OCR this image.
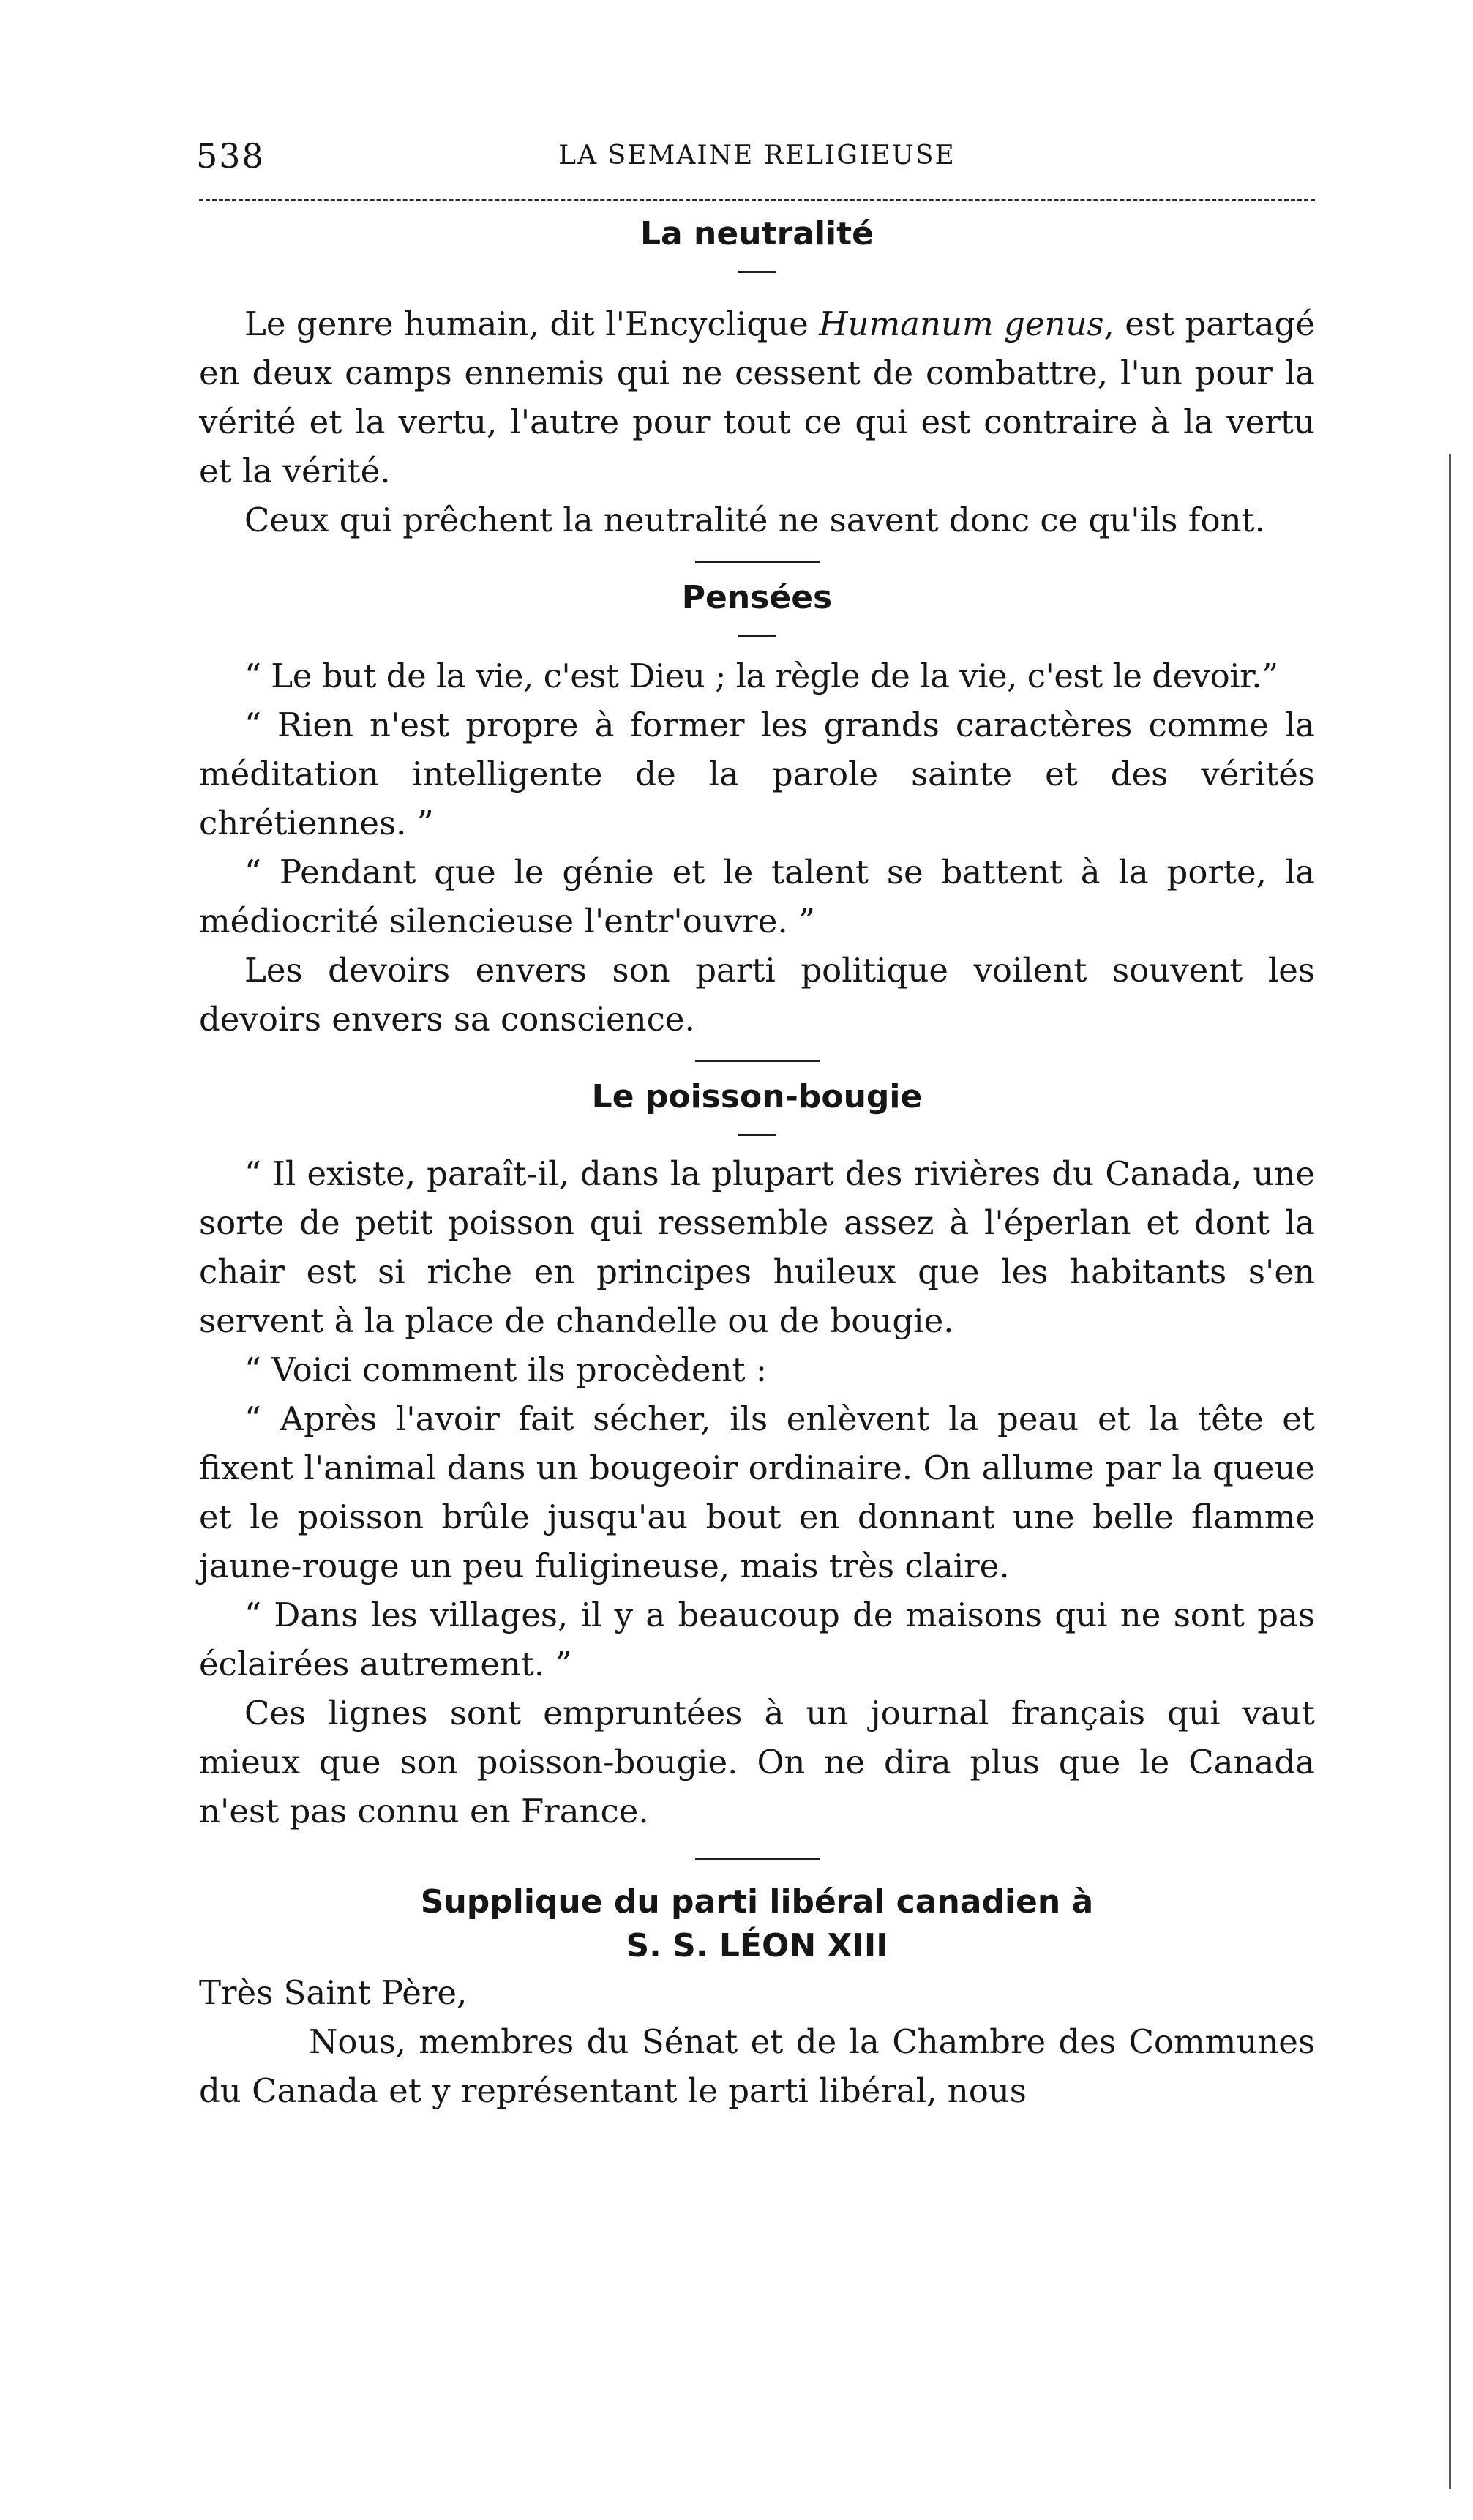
538	LA SEMAINE RELIGIEUSE
La neutralité

Le genre humain, dit l'Encyclique Humanum genus, est partagé en deux camps ennemis qui ne cessent de combattre, l'un pour la vérité et la vertu, l'autre pour tout ce qui est contraire à la vertu et la vérité.

Ceux qui prêchent la neutralité ne savent donc ce qu'ils font.

Pensées

“ Le but de la vie, c'est Dieu ; la règle de la vie, c'est le devoir.”

“ Rien n'est propre à former les grands caractères comme la méditation intelligente de la parole sainte et des vérités chrétiennes. ”

“ Pendant que le génie et le talent se battent à la porte, la médiocrité silencieuse l'entr'ouvre. ”

Les devoirs envers son parti politique voilent souvent les devoirs envers sa conscience.

Le poisson-bougie

“ Il existe, paraît-il, dans la plupart des rivières du Canada, une sorte de petit poisson qui ressemble assez à l'éperlan et dont la chair est si riche en principes huileux que les habitants s'en servent à la place de chandelle ou de bougie.

“ Voici comment ils procèdent :

“ Après l'avoir fait sécher, ils enlèvent la peau et la tête et fixent l'animal dans un bougeoir ordinaire. On allume par la queue et le poisson brûle jusqu'au bout en donnant une belle flamme jaune-rouge un peu fuligineuse, mais très claire.

“ Dans les villages, il y a beaucoup de maisons qui ne sont pas éclairées autrement. ”

Ces lignes sont empruntées à un journal français qui vaut mieux que son poisson-bougie. On ne dira plus que le Canada n'est pas connu en France.

Supplique du parti libéral canadien à
S. S. LÉON XIII

Très Saint Père,

Nous, membres du Sénat et de la Chambre des Communes du Canada et y représentant le parti libéral, nous
